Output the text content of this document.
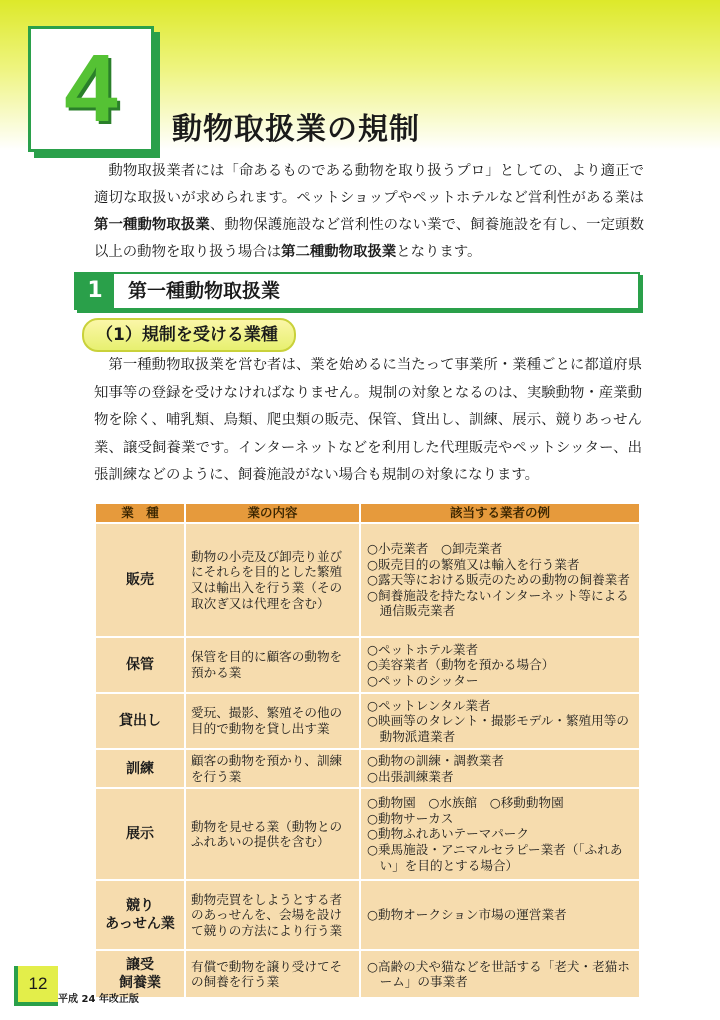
4	動物取扱業の規制

動物取扱業者には「命あるものである動物を取り扱うプロ」としての、より適正で適切な取扱いが求められます。ペットショップやペットホテルなど営利性がある業は第一種動物取扱業、動物保護施設など営利性のない業で、飼養施設を有し、一定頭数以上の動物を取り扱う場合は第二種動物取扱業となります。

1	第一種動物取扱業
（1）規制を受ける業種

第一種動物取扱業を営む者は、業を始めるに当たって事業所・業種ごとに都道府県知事等の登録を受けなければなりません。規制の対象となるのは、実験動物・産業動物を除く、哺乳類、鳥類、爬虫類の販売、保管、貸出し、訓練、展示、競りあっせん業、譲受飼養業です。インターネットなどを利用した代理販売やペットシッター、出張訓練などのように、飼養施設がない場合も規制の対象になります。

業　種	業の内容	該当する業者の例
販売	動物の小売及び卸売り並びにそれらを目的とした繁殖又は輸出入を行う業（その取次ぎ又は代理を含む）	○小売業者　○卸売業者
○販売目的の繁殖又は輸入を行う業者
○露天等における販売のための動物の飼養業者
○飼養施設を持たないインターネット等による通信販売業者

保管	保管を目的に顧客の動物を預かる業	○ペットホテル業者
○美容業者（動物を預かる場合）
○ペットのシッター

貸出し	愛玩、撮影、繁殖その他の目的で動物を貸し出す業	○ペットレンタル業者
○映画等のタレント・撮影モデル・繁殖用等の動物派遣業者

訓練	顧客の動物を預かり、訓練を行う業	○動物の訓練・調教業者
○出張訓練業者

展示	動物を見せる業（動物とのふれあいの提供を含む）	○動物園　○水族館　○移動動物園
○動物サーカス
○動物ふれあいテーマパーク
○乗馬施設・アニマルセラピー業者（「ふれあい」を目的とする場合）

競り
あっせん業	動物売買をしようとする者のあっせんを、会場を設けて競りの方法により行う業	○動物オークション市場の運営業者

譲受
飼養業	有償で動物を譲り受けてその飼養を行う業	○高齢の犬や猫などを世話する「老犬・老猫ホーム」の事業者
12
平成 24 年改正版
